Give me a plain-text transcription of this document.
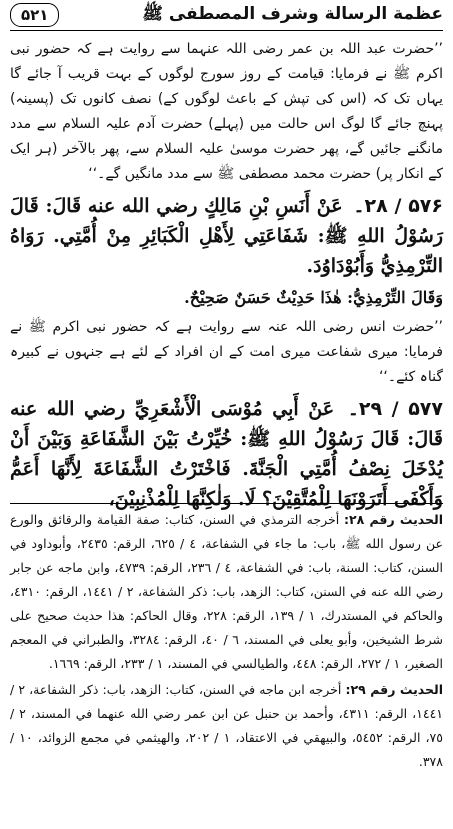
عظمة الرسالة وشرف المصطفى ﷺ
۵۲۱

’’حضرت عبد اللہ بن عمر رضی اللہ عنہما سے روایت ہے کہ حضور نبی اکرم ﷺ نے فرمایا: قیامت کے روز سورج لوگوں کے بہت قریب آ جائے گا یہاں تک کہ (اس کی تپش کے باعث لوگوں کے) نصف کانوں تک (پسینہ) پہنچ جائے گا لوگ اس حالت میں (پہلے) حضرت آدم علیہ السلام سے مدد مانگنے جائیں گے، پھر حضرت موسیٰ علیہ السلام سے، پھر بالآخر (ہر ایک کے انکار پر) حضرت محمد مصطفی ﷺ سے مدد مانگیں گے۔‘‘

۵۷۶ / ۲۸۔ عَنْ أَنَسِ بْنِ مَالِكٍ رضي الله عنه قَالَ: قَالَ رَسُوْلُ اللهِ ﷺ: شَفَاعَتِي لِأَهْلِ الْكَبَائِرِ مِنْ أُمَّتِي. رَوَاهُ التِّرْمِذِيُّ وَأَبُوْدَاوُدَ.

وَقَالَ التِّرْمِذِيُّ: هٰذَا حَدِيْثٌ حَسَنٌ صَحِيْحٌ.

’’حضرت انس رضی اللہ عنہ سے روایت ہے کہ حضور نبی اکرم ﷺ نے فرمایا: میری شفاعت میری امت کے ان افراد کے لئے ہے جنہوں نے کبیرہ گناہ کئے۔‘‘

۵۷۷ / ۲۹۔ عَنْ أَبِي مُوْسَى الْأَشْعَرِيِّ رضي الله عنه قَالَ: قَالَ رَسُوْلُ اللهِ ﷺ: خُيِّرْتُ بَيْنَ الشَّفَاعَةِ وَبَيْنَ أَنْ يُدْخَلَ نِصْفُ أُمَّتِي الْجَنَّةَ. فَاخْتَرْتُ الشَّفَاعَةَ لِأَنَّهَا أَعَمُّ وَأَكْفَى أَتَرَوْنَهَا لِلْمُتَّقِيْنَ؟ لَا. وَلٰكِنَّهَا لِلْمُذْنِبِيْنَ،

الحديث رقم ٢٨: أخرجه الترمذي في السنن، كتاب: صفة القيامة والرقائق والورع عن رسول الله ﷺ، باب: ما جاء في الشفاعة، ٤ / ٦٢٥، الرقم: ٢٤٣٥، وأبوداود في السنن، كتاب: السنة، باب: في الشفاعة، ٤ / ٢٣٦، الرقم: ٤٧٣٩، وابن ماجه عن جابر رضي الله عنه في السنن، كتاب: الزهد، باب: ذكر الشفاعة، ٢ / ١٤٤١، الرقم: ٤٣١٠، والحاكم في المستدرك، ١ / ١٣٩، الرقم: ٢٢٨، وقال الحاكم: هذا حديث صحيح على شرط الشيخين، وأبو يعلى في المسند، ٦ / ٤٠، الرقم: ٣٢٨٤، والطبراني في المعجم الصغير، ١ / ٢٧٢، الرقم: ٤٤٨، والطيالسي في المسند، ١ / ٢٣٣، الرقم: ١٦٦٩.

الحديث رقم ٢٩: أخرجه ابن ماجه في السنن، كتاب: الزهد، باب: ذكر الشفاعة، ٢ / ١٤٤١، الرقم: ٤٣١١، وأحمد بن حنبل عن ابن عمر رضي الله عنهما في المسند، ٢ / ٧٥، الرقم: ٥٤٥٢، والبيهقي في الاعتقاد، ١ / ٢٠٢، والهيثمي في مجمع الزوائد، ١٠ / ٣٧٨.
